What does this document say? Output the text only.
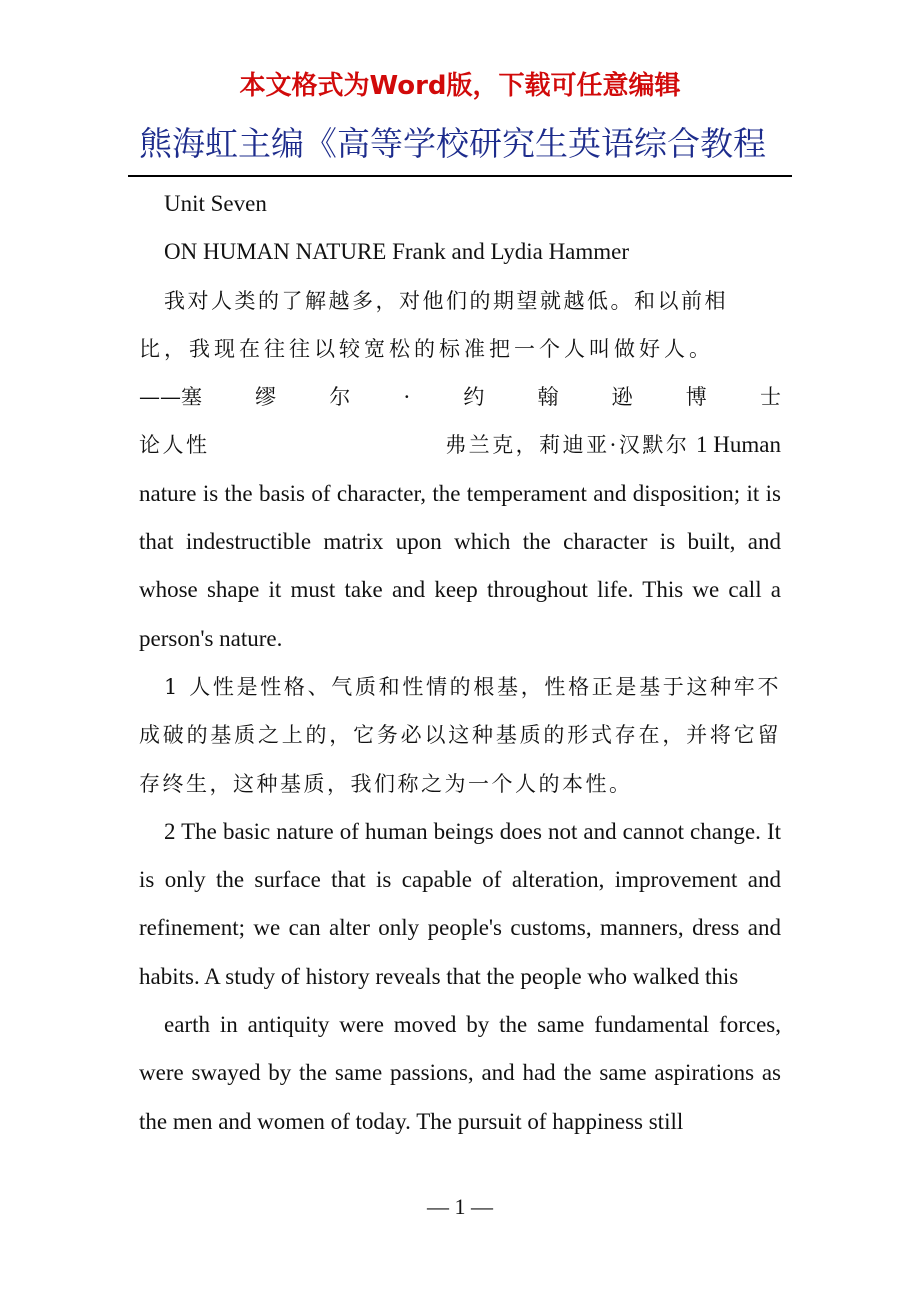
本文格式为Word版，下载可任意编辑
熊海虹主编《高等学校研究生英语综合教程

Unit Seven

ON HUMAN NATURE Frank and Lydia Hammer

我对人类的了解越多，对他们的期望就越低。和以前相

比，我现在往往以较宽松的标准把一个人叫做好人。

——塞	缪	尔	·	约	翰	逊	博	士
论人性	弗兰克，莉迪亚·汉默尔 1 Human

nature is the basis of character, the temperament and disposition; it is that indestructible matrix upon which the character is built, and whose shape it must take and keep throughout life. This we call a person's nature.

1 人性是性格、气质和性情的根基，性格正是基于这种牢不成破的基质之上的，它务必以这种基质的形式存在，并将它留存终生，这种基质，我们称之为一个人的本性。

2 The basic nature of human beings does not and cannot change. It is only the surface that is capable of alteration, improvement and refinement; we can alter only people's customs, manners, dress and habits. A study of history reveals that the people who walked this

earth in antiquity were moved by the same fundamental forces, were swayed by the same passions, and had the same aspirations as the men and women of today. The pursuit of happiness still

— 1 —
